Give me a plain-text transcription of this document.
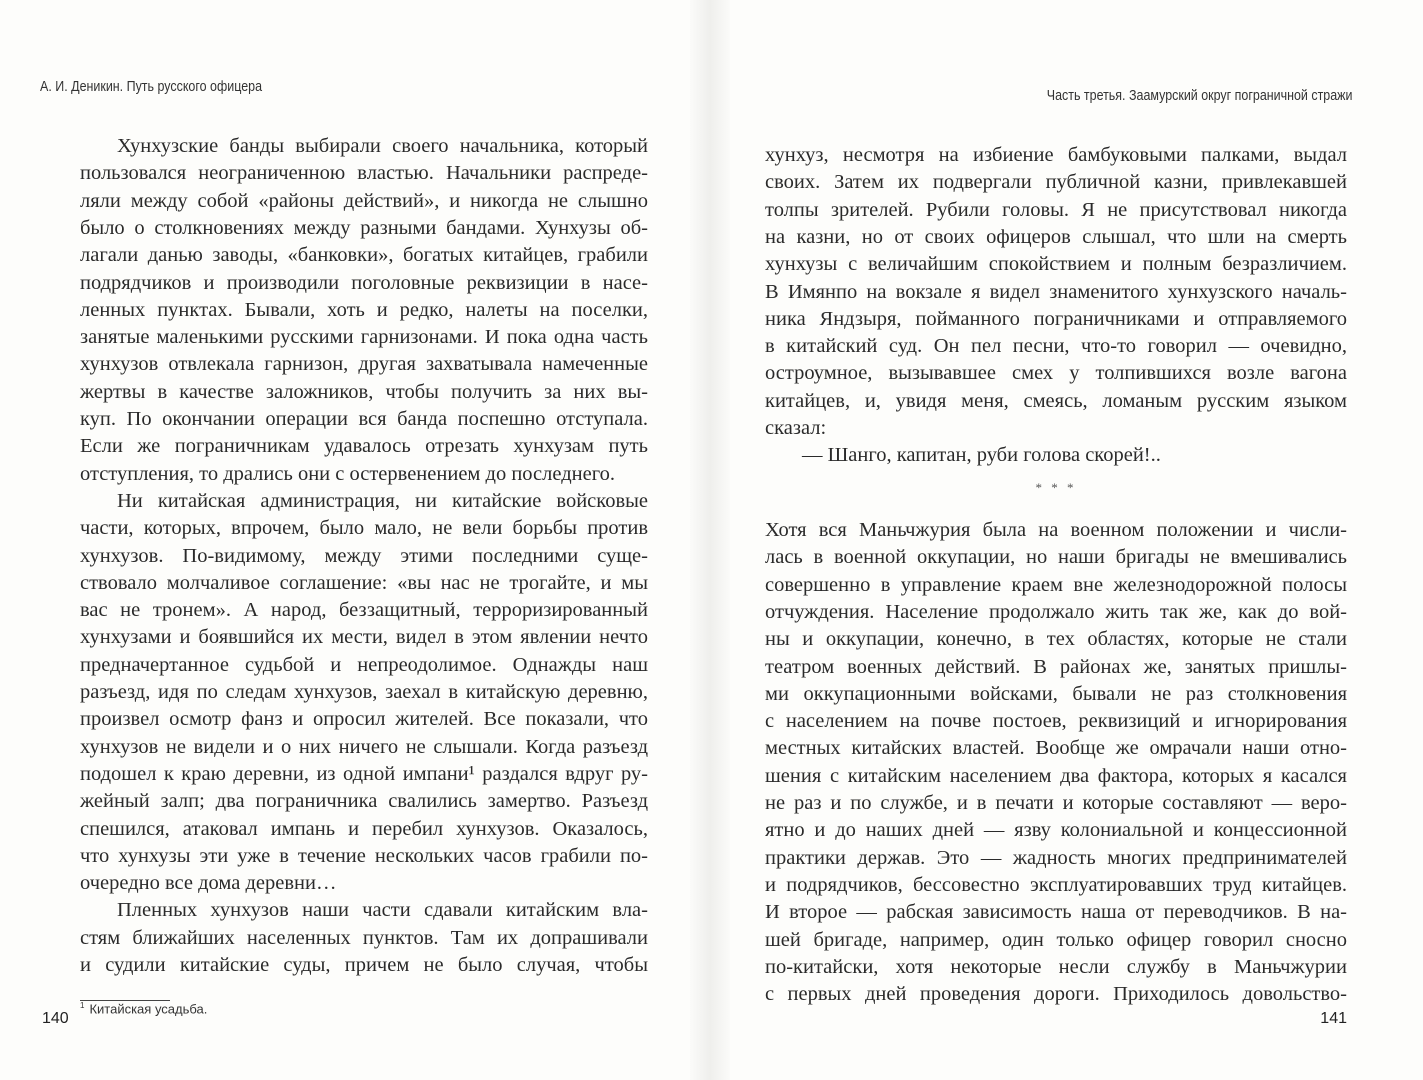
А. И. Деникин. Путь русского офицера
Хунхузские банды выбирали своего начальника, который
пользовался неограниченною властью. Начальники распреде-
ляли между собой «районы действий», и никогда не слышно
было о столкновениях между разными бандами. Хунхузы об-
лагали данью заводы, «банковки», богатых китайцев, грабили
подрядчиков и производили поголовные реквизиции в насе-
ленных пунктах. Бывали, хоть и редко, налеты на поселки,
занятые маленькими русскими гарнизонами. И пока одна часть
хунхузов отвлекала гарнизон, другая захватывала намеченные
жертвы в качестве заложников, чтобы получить за них вы-
куп. По окончании операции вся банда поспешно отступала.
Если же пограничникам удавалось отрезать хунхузам путь
отступления, то дрались они с остервенением до последнего.
Ни китайская администрация, ни китайские войсковые
части, которых, впрочем, было мало, не вели борьбы против
хунхузов. По-видимому, между этими последними суще-
ствовало молчаливое соглашение: «вы нас не трогайте, и мы
вас не тронем». А народ, беззащитный, терроризированный
хунхузами и боявшийся их мести, видел в этом явлении нечто
предначертанное судьбой и непреодолимое. Однажды наш
разъезд, идя по следам хунхузов, заехал в китайскую деревню,
произвел осмотр фанз и опросил жителей. Все показали, что
хунхузов не видели и о них ничего не слышали. Когда разъезд
подошел к краю деревни, из одной импани¹ раздался вдруг ру-
жейный залп; два пограничника свалились замертво. Разъезд
спешился, атаковал импань и перебил хунхузов. Оказалось,
что хунхузы эти уже в течение нескольких часов грабили по-
очередно все дома деревни…
Пленных хунхузов наши части сдавали китайским вла-
стям ближайших населенных пунктов. Там их допрашивали
и судили китайские суды, причем не было случая, чтобы
$^1$ Китайская усадьба.
140
Часть третья. Заамурский округ пограничной стражи
хунхуз, несмотря на избиение бамбуковыми палками, выдал
своих. Затем их подвергали публичной казни, привлекавшей
толпы зрителей. Рубили головы. Я не присутствовал никогда
на казни, но от своих офицеров слышал, что шли на смерть
хунхузы с величайшим спокойствием и полным безразличием.
В Имянпо на вокзале я видел знаменитого хунхузского началь-
ника Яндзыря, пойманного пограничниками и отправляемого
в китайский суд. Он пел песни, что-то говорил — очевидно,
остроумное, вызывавшее смех у толпившихся возле вагона
китайцев, и, увидя меня, смеясь, ломаным русским языком
сказал:
— Шанго, капитан, руби голова скорей!..
Хотя вся Маньчжурия была на военном положении и числи-
лась в военной оккупации, но наши бригады не вмешивались
совершенно в управление краем вне железнодорожной полосы
отчуждения. Население продолжало жить так же, как до вой-
ны и оккупации, конечно, в тех областях, которые не стали
театром военных действий. В районах же, занятых пришлы-
ми оккупационными войсками, бывали не раз столкновения
с населением на почве постоев, реквизиций и игнорирования
местных китайских властей. Вообще же омрачали наши отно-
шения с китайским населением два фактора, которых я касался
не раз и по службе, и в печати и которые составляют — веро-
ятно и до наших дней — язву колониальной и концессионной
практики держав. Это — жадность многих предпринимателей
и подрядчиков, бессовестно эксплуатировавших труд китайцев.
И второе — рабская зависимость наша от переводчиков. В на-
шей бригаде, например, один только офицер говорил сносно
по-китайски, хотя некоторые несли службу в Маньчжурии
с первых дней проведения дороги. Приходилось довольство-
* * *
141
